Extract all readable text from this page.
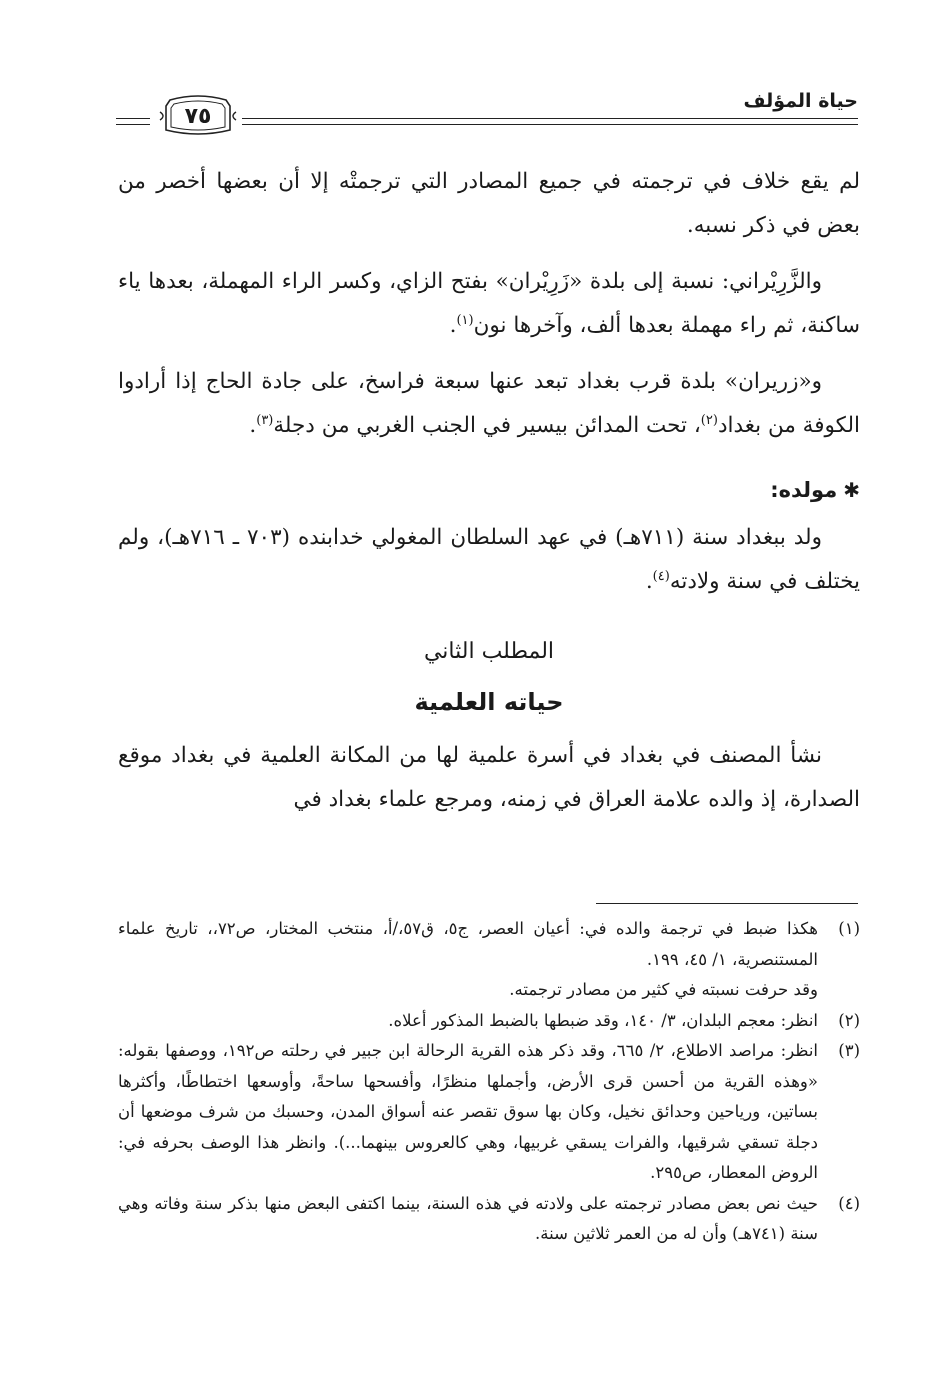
حياة المؤلف
٧٥

لم يقع خلاف في ترجمته في جميع المصادر التي ترجمتْه إلا أن بعضها أخصر من بعض في ذكر نسبه.

والزَّرِيْراني: نسبة إلى بلدة «زَرِيْران» بفتح الزاي، وكسر الراء المهملة، بعدها ياء ساكنة، ثم راء مهملة بعدها ألف، وآخرها نون$^{(١)}$.

و«زريران» بلدة قرب بغداد تبعد عنها سبعة فراسخ، على جادة الحاج إذا أرادوا الكوفة من بغداد$^{(٢)}$، تحت المدائن بيسير في الجنب الغربي من دجلة$^{(٣)}$.

✱مولده:

ولد ببغداد سنة (٧١١هـ) في عهد السلطان المغولي خدابنده (٧٠٣ ـ ٧١٦هـ)، ولم يختلف في سنة ولادته$^{(٤)}$.

المطلب الثاني
حياته العلمية

نشأ المصنف في بغداد في أسرة علمية لها من المكانة العلمية في بغداد موقع الصدارة، إذ والده علامة العراق في زمنه، ومرجع علماء بغداد في

(١)
هكذا ضبط في ترجمة والده في: أعيان العصر، ج٥، ق٥٧،/أ، منتخب المختار، ص٧٢،، تاريخ علماء المستنصرية، ١/ ٤٥، ١٩٩.

وقد حرفت نسبته في كثير من مصادر ترجمته.

(٢)
انظر: معجم البلدان، ٣/ ١٤٠، وقد ضبطها بالضبط المذكور أعلاه.

(٣)
انظر: مراصد الاطلاع، ٢/ ٦٦٥، وقد ذكر هذه القرية الرحالة ابن جبير في رحلته ص١٩٢، ووصفها بقوله: «وهذه القرية من أحسن قرى الأرض، وأجملها منظرًا، وأفسحها ساحةً، وأوسعها اختطاطًا، وأكثرها بساتين، ورياحين وحدائق نخيل، وكان بها سوق تقصر عنه أسواق المدن، وحسبك من شرف موضعها أن دجلة تسقي شرقيها، والفرات يسقي غربيها، وهي كالعروس بينهما...). وانظر هذا الوصف بحرفه في: الروض المعطار، ص٢٩٥.

(٤)
حيث نص بعض مصادر ترجمته على ولادته في هذه السنة، بينما اكتفى البعض منها بذكر سنة وفاته وهي سنة (٧٤١هـ) وأن له من العمر ثلاثين سنة.
